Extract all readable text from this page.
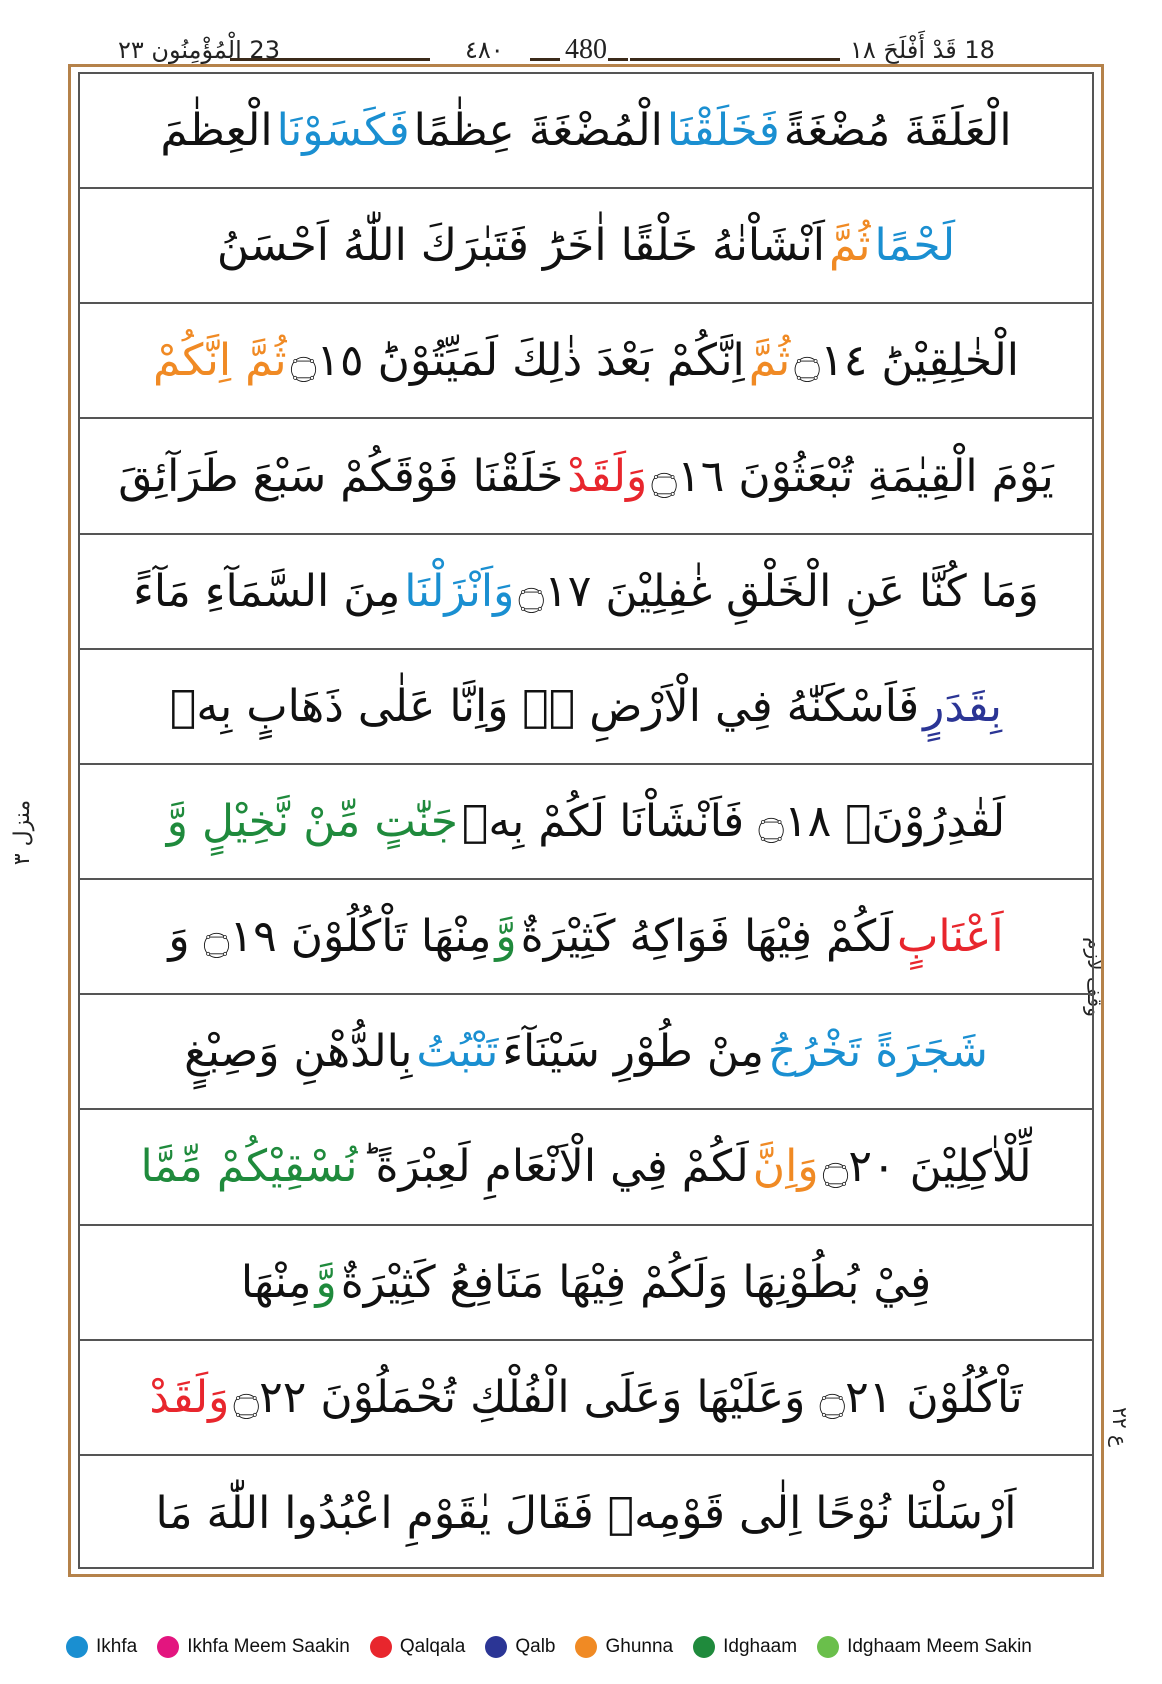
23 الْمُؤْمِنُون ٢٣	٤٨٠ 480	18 قَدْ أَفْلَحَ ١٨
منزل ٣
وقف لازم
ع ٢٢
الْعَلَقَةَ مُضْغَةً
فَخَلَقْنَا
الْمُضْغَةَ عِظٰمًا
فَكَسَوْنَا
الْعِظٰمَ
لَحْمًا
ثُمَّ
اَنْشَاْنٰهُ خَلْقًا اٰخَرَؕ فَتَبٰرَكَ اللّٰهُ اَحْسَنُ
الْخٰلِقِيْنَؕ ۝١٤
ثُمَّ
اِنَّكُمْ بَعْدَ ذٰلِكَ لَمَيِّتُوْنَؕ ۝١٥
ثُمَّ اِنَّكُمْ
يَوْمَ الْقِيٰمَةِ تُبْعَثُوْنَ ۝١٦
وَلَقَدْ
خَلَقْنَا فَوْقَكُمْ سَبْعَ طَرَآئِقَ
وَمَا كُنَّا عَنِ الْخَلْقِ غٰفِلِيْنَ ۝١٧
وَاَنْزَلْنَا
مِنَ السَّمَآءِ مَآءً
بِقَدَرٍ
فَاَسْكَنّٰهُ فِي الْاَرْضِ ۖۗ وَاِنَّا عَلٰى ذَهَابٍ بِهٖ
لَقٰدِرُوْنَۚ ۝١٨ فَاَنْشَاْنَا لَكُمْ بِهٖ
جَنّٰتٍ مِّنْ نَّخِيْلٍ وَّ
اَعْنَابٍ
لَكُمْ فِيْهَا فَوَاكِهُ كَثِيْرَةٌ
وَّ
مِنْهَا تَاْكُلُوْنَ ۝١٩ وَ
شَجَرَةً تَخْرُجُ
مِنْ طُوْرِ سَيْنَآءَ
تَنْبُتُ
بِالدُّهْنِ وَصِبْغٍ
لِّلْاٰكِلِيْنَ ۝٢٠
وَاِنَّ
لَكُمْ فِي الْاَنْعَامِ لَعِبْرَةً ؕ
نُسْقِيْكُمْ مِّمَّا
فِيْ بُطُوْنِهَا وَلَكُمْ فِيْهَا مَنَافِعُ كَثِيْرَةٌ
وَّ
مِنْهَا
تَاْكُلُوْنَ ۝٢١ وَعَلَيْهَا وَعَلَى الْفُلْكِ تُحْمَلُوْنَ ۝٢٢
وَلَقَدْ
اَرْسَلْنَا نُوْحًا اِلٰى قَوْمِهٖ فَقَالَ يٰقَوْمِ اعْبُدُوا اللّٰهَ مَا
Ikhfa	Ikhfa Meem Saakin	Qalqala	Qalb	Ghunna	Idghaam	Idghaam Meem Sakin
